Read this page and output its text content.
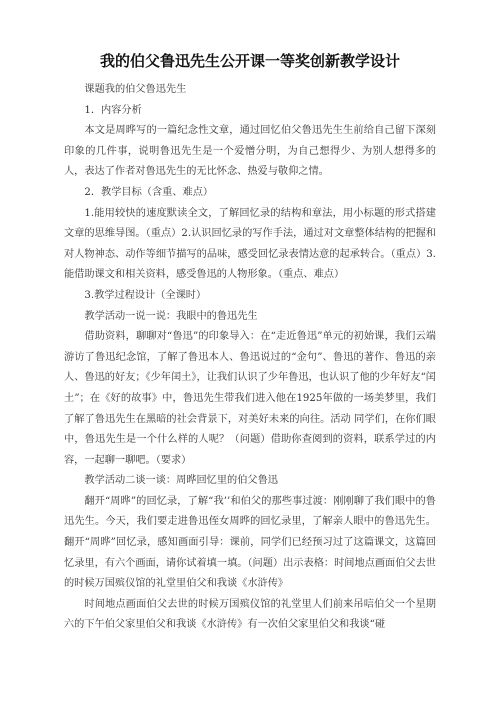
我的伯父鲁迅先生公开课一等奖创新教学设计

课题我的伯父鲁迅先生

1．内容分析

本文是周晔写的一篇纪念性文章，通过回忆伯父鲁迅先生生前给自己留下深刻印象的几件事，说明鲁迅先生是一个爱憎分明，为自己想得少、为别人想得多的人，表达了作者对鲁迅先生的无比怀念、热爱与敬仰之情。

2．教学目标（含重、难点）

1.能用较快的速度默读全文，了解回忆录的结构和章法，用小标题的形式搭建文章的思维导图。（重点）2.认识回忆录的写作手法，通过对文章整体结构的把握和对人物神态、动作等细节描写的品味，感受回忆录表情达意的起承转合。（重点）3.能借助课文和相关资料，感受鲁迅的人物形象。（重点、难点）

3.教学过程设计（全课时）

教学活动一说一说：我眼中的鲁迅先生

借助资料，聊聊对“鲁迅”的印象导入：在“走近鲁迅”单元的初始课，我们云端游访了鲁迅纪念馆，了解了鲁迅本人、鲁迅说过的“金句”、鲁迅的著作、鲁迅的亲人、鲁迅的好友；《少年闰土》，让我们认识了少年鲁迅，也认识了他的少年好友“闰土”；在《好的故事》中，鲁迅先生带我们进入他在1925年做的一场美梦里，我们了解了鲁迅先生在黑暗的社会背景下，对美好未来的向往。活动 同学们，在你们眼中，鲁迅先生是一个什么样的人呢？（问题）借助你查阅到的资料，联系学过的内容，一起聊一聊吧。（要求）

教学活动二谈一谈：周晔回忆里的伯父鲁迅

翻开“周晔”的回忆录，了解“我’’和伯父的那些事过渡：刚刚聊了我们眼中的鲁迅先生。今天，我们要走进鲁迅侄女周晔的回忆录里，了解亲人眼中的鲁迅先生。翻开“周晔”回忆录，感知画面引导：课前，同学们已经预习过了这篇课文，这篇回忆录里，有六个画面，请你试着填一填。（问题）出示表格：时间地点画面伯父去世的时候万国殡仪馆的礼堂里伯父和我谈《水浒传》

时间地点画面伯父去世的时候万国殡仪馆的礼堂里人们前来吊唁伯父一个星期六的下午伯父家里伯父和我谈《水浒传》有一次伯父家里伯父和我谈“碰
